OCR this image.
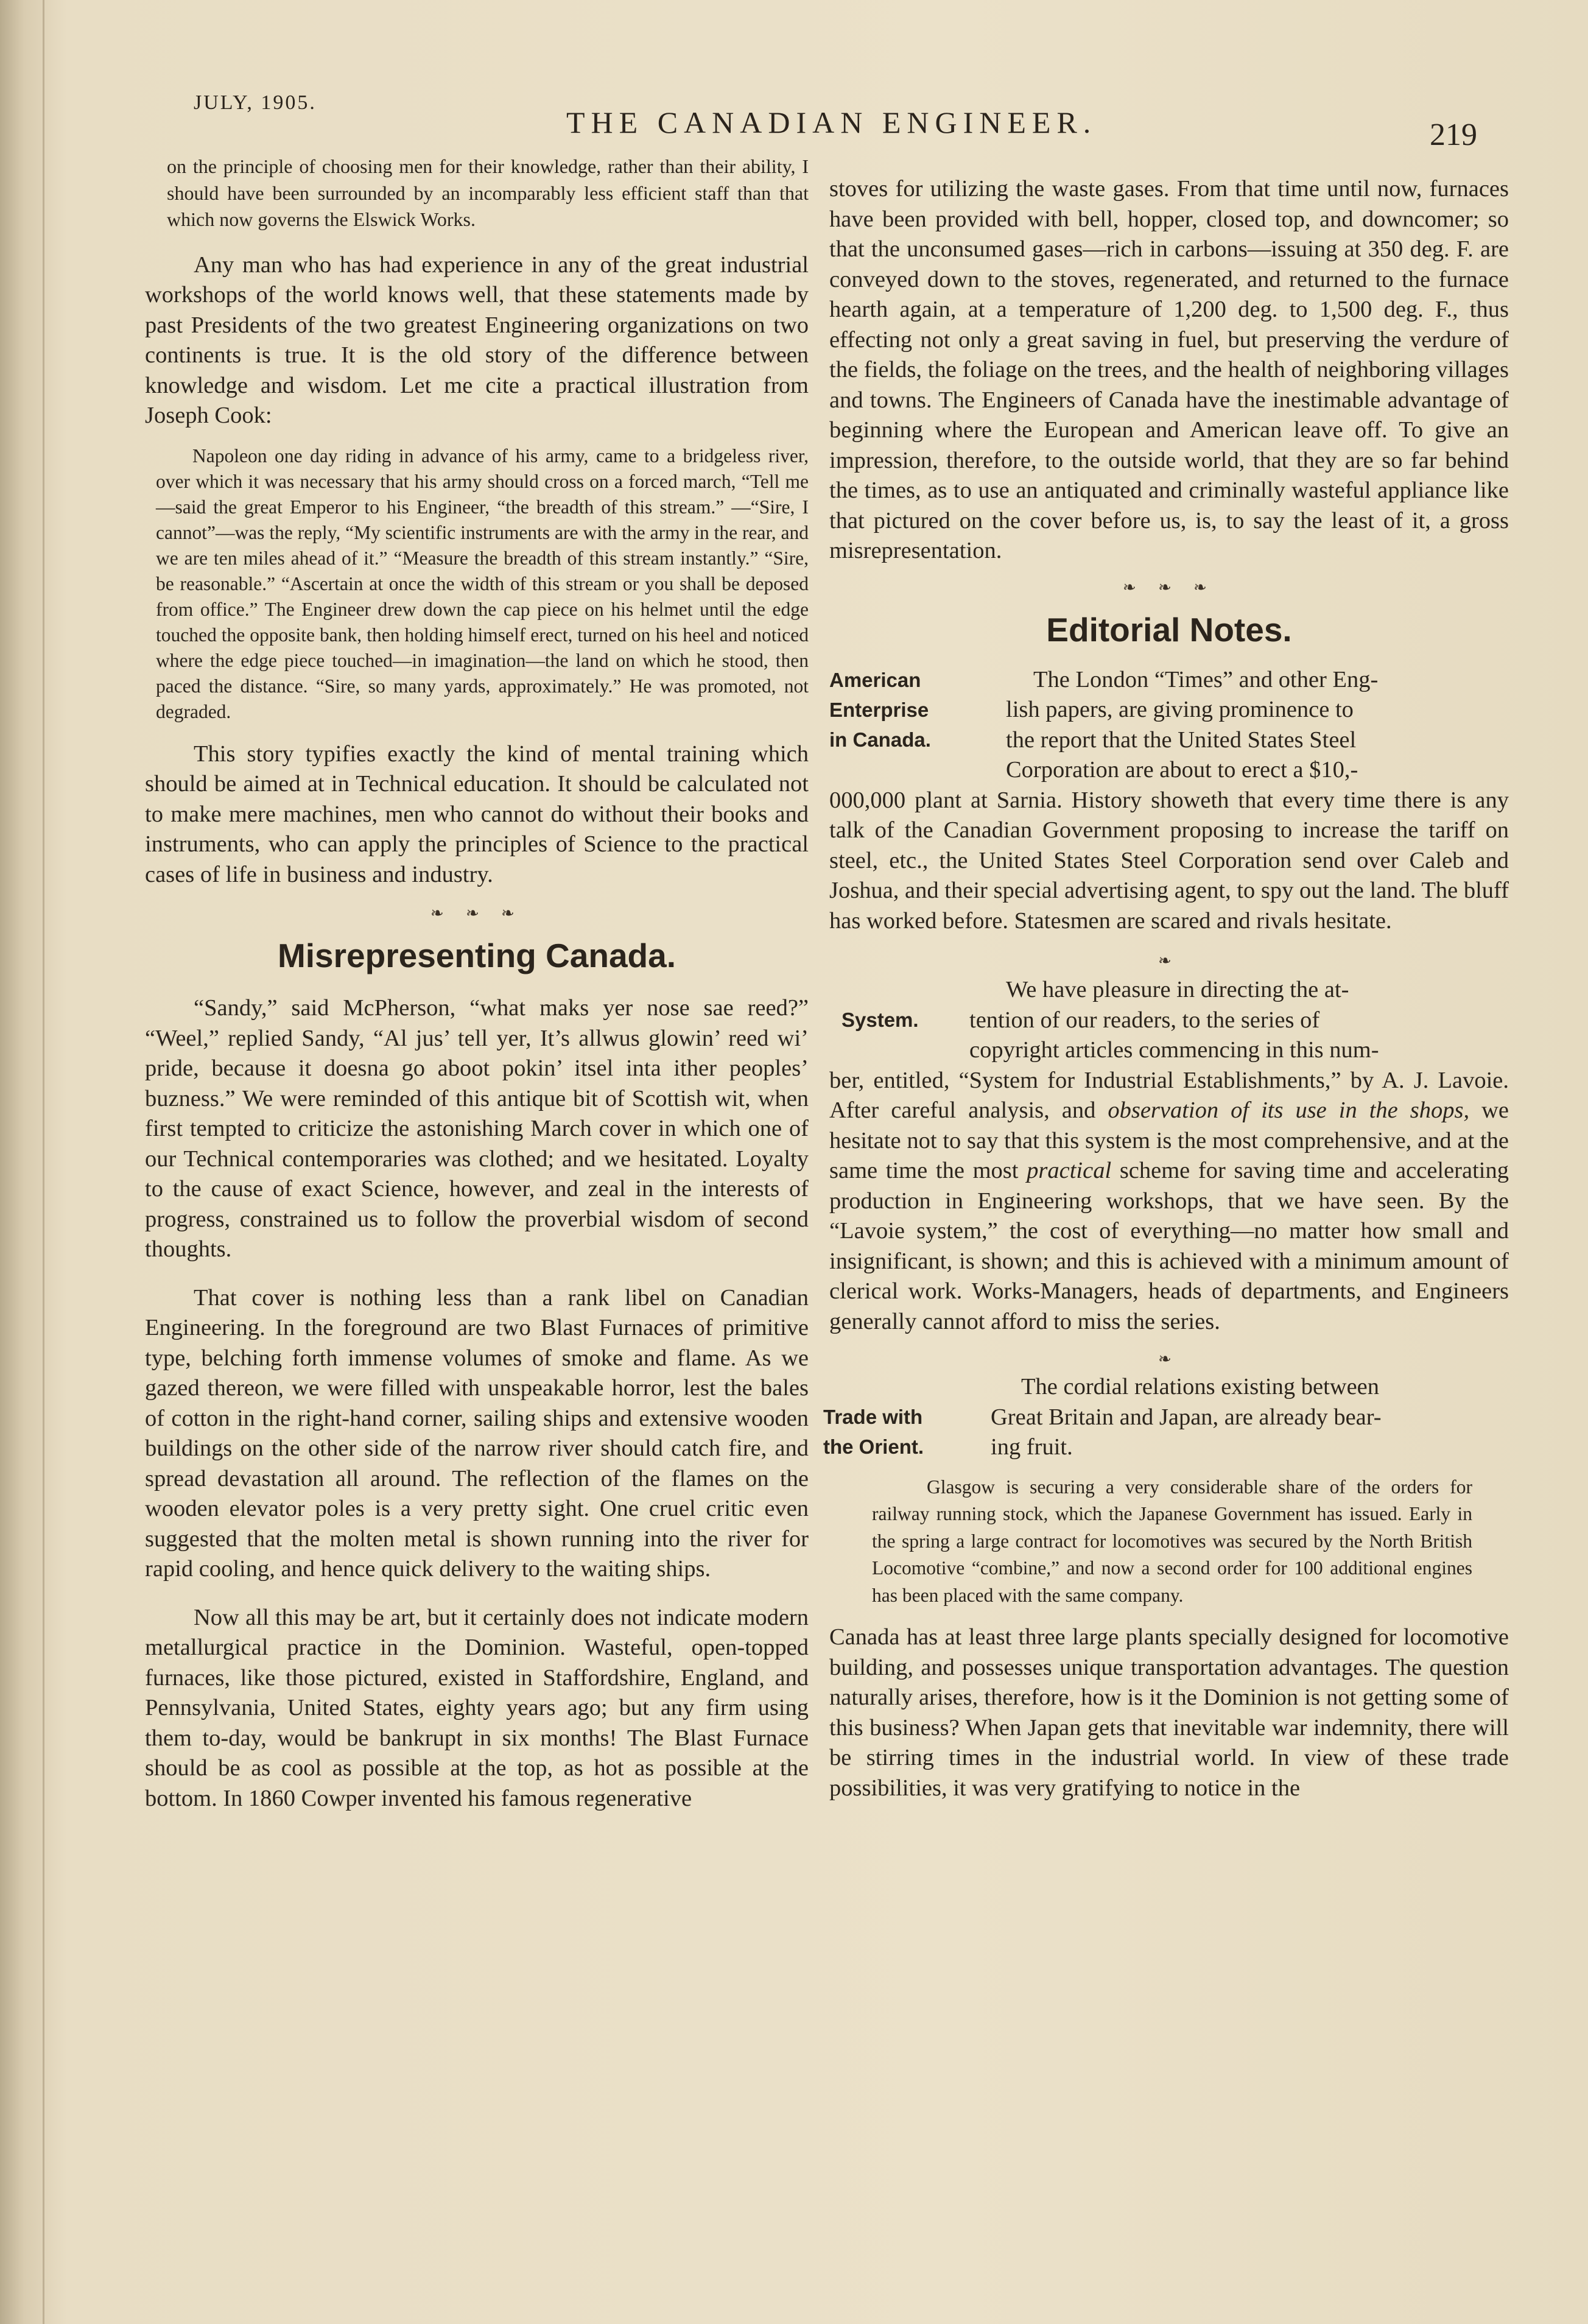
JULY, 1905.
THE CANADIAN ENGINEER.	219

on the principle of choosing men for their knowledge, rather than their ability, I should have been surrounded by an incomparably less efficient staff than that which now governs the Elswick Works.

Any man who has had experience in any of the great industrial workshops of the world knows well, that these statements made by past Presidents of the two greatest Engineering organizations on two continents is true. It is the old story of the difference between knowledge and wisdom. Let me cite a practical illustration from Joseph Cook:

Napoleon one day riding in advance of his army, came to a bridgeless river, over which it was necessary that his army should cross on a forced march, “Tell me—said the great Emperor to his Engineer, “the breadth of this stream.” —“Sire, I cannot”—was the reply, “My scientific instruments are with the army in the rear, and we are ten miles ahead of it.” “Measure the breadth of this stream instantly.” “Sire, be reasonable.” “Ascertain at once the width of this stream or you shall be deposed from office.” The Engineer drew down the cap piece on his helmet until the edge touched the opposite bank, then holding himself erect, turned on his heel and noticed where the edge piece touched—in imagination—the land on which he stood, then paced the distance. “Sire, so many yards, approximately.” He was promoted, not degraded.

This story typifies exactly the kind of mental training which should be aimed at in Technical education. It should be calculated not to make mere machines, men who cannot do without their books and instruments, who can apply the principles of Science to the practical cases of life in business and industry.

❧ ❧ ❧
Misrepresenting Canada.

“Sandy,” said McPherson, “what maks yer nose sae reed?” “Weel,” replied Sandy, “Al jus’ tell yer, It’s allwus glowin’ reed wi’ pride, because it doesna go aboot pokin’ itsel inta ither peoples’ buzness.” We were reminded of this antique bit of Scottish wit, when first tempted to criticize the astonishing March cover in which one of our Technical contemporaries was clothed; and we hesitated. Loyalty to the cause of exact Science, however, and zeal in the interests of progress, constrained us to follow the proverbial wisdom of second thoughts.

That cover is nothing less than a rank libel on Canadian Engineering. In the foreground are two Blast Furnaces of primitive type, belching forth immense volumes of smoke and flame. As we gazed thereon, we were filled with unspeakable horror, lest the bales of cotton in the right-hand corner, sailing ships and extensive wooden buildings on the other side of the narrow river should catch fire, and spread devastation all around. The reflection of the flames on the wooden elevator poles is a very pretty sight. One cruel critic even suggested that the molten metal is shown running into the river for rapid cooling, and hence quick delivery to the waiting ships.

Now all this may be art, but it certainly does not indicate modern metallurgical practice in the Dominion. Wasteful, open-topped furnaces, like those pictured, existed in Staffordshire, England, and Pennsylvania, United States, eighty years ago; but any firm using them to-day, would be bankrupt in six months! The Blast Furnace should be as cool as possible at the top, as hot as possible at the bottom. In 1860 Cowper invented his famous regenerative

stoves for utilizing the waste gases. From that time until now, furnaces have been provided with bell, hopper, closed top, and downcomer; so that the unconsumed gases—rich in carbons—issuing at 350 deg. F. are conveyed down to the stoves, regenerated, and returned to the furnace hearth again, at a temperature of 1,200 deg. to 1,500 deg. F., thus effecting not only a great saving in fuel, but preserving the verdure of the fields, the foliage on the trees, and the health of neighboring villages and towns. The Engineers of Canada have the inestimable advantage of beginning where the European and American leave off. To give an impression, therefore, to the outside world, that they are so far behind the times, as to use an antiquated and criminally wasteful appliance like that pictured on the cover before us, is, to say the least of it, a gross misrepresentation.

❧ ❧ ❧
Editorial Notes.
American
Enterprise
in Canada.
The London “Times” and other Eng-
lish papers, are giving prominence to
the report that the United States Steel
Corporation are about to erect a $10,-

000,000 plant at Sarnia. History showeth that every time there is any talk of the Canadian Government proposing to increase the tariff on steel, etc., the United States Steel Corporation send over Caleb and Joshua, and their special advertising agent, to spy out the land. The bluff has worked before. Statesmen are scared and rivals hesitate.

❧
System.
We have pleasure in directing the at-
tention of our readers, to the series of
copyright articles commencing in this num-

ber, entitled, “System for Industrial Establishments,” by A. J. Lavoie. After careful analysis, and observation of its use in the shops, we hesitate not to say that this system is the most comprehensive, and at the same time the most practical scheme for saving time and accelerating production in Engineering workshops, that we have seen. By the “Lavoie system,” the cost of everything—no matter how small and insignificant, is shown; and this is achieved with a minimum amount of clerical work. Works-Managers, heads of departments, and Engineers generally cannot afford to miss the series.

❧
Trade with
the Orient.
The cordial relations existing between
Great Britain and Japan, are already bear-
ing fruit.

Glasgow is securing a very considerable share of the orders for railway running stock, which the Japanese Government has issued. Early in the spring a large contract for locomotives was secured by the North British Locomotive “combine,” and now a second order for 100 additional engines has been placed with the same company.

Canada has at least three large plants specially designed for locomotive building, and possesses unique transportation advantages. The question naturally arises, therefore, how is it the Dominion is not getting some of this business? When Japan gets that inevitable war indemnity, there will be stirring times in the industrial world. In view of these trade possibilities, it was very gratifying to notice in the
